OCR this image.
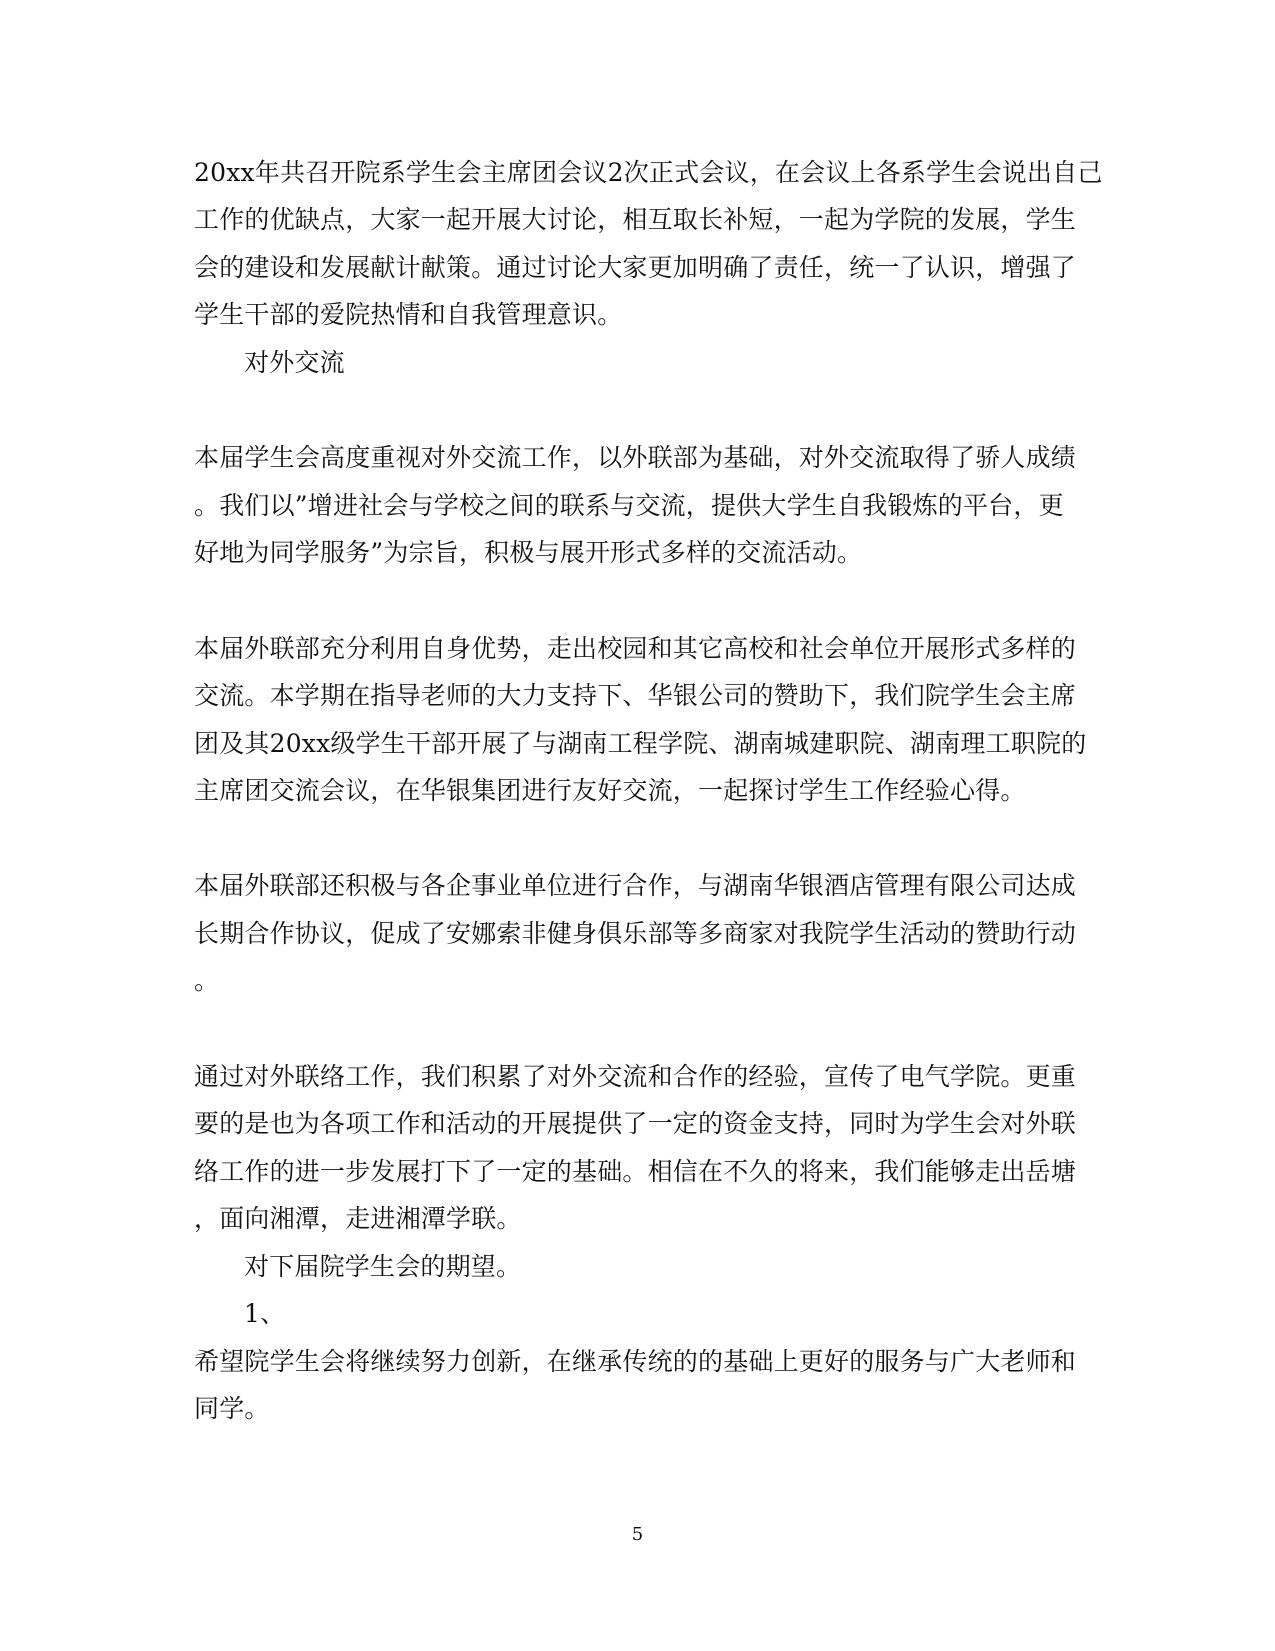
20xx年共召开院系学生会主席团会议2次正式会议，在会议上各系学生会说出自己
工作的优缺点，大家一起开展大讨论，相互取长补短，一起为学院的发展，学生
会的建设和发展献计献策。通过讨论大家更加明确了责任，统一了认识，增强了
学生干部的爱院热情和自我管理意识。
对外交流
本届学生会高度重视对外交流工作，以外联部为基础，对外交流取得了骄人成绩
。我们以”增进社会与学校之间的联系与交流，提供大学生自我锻炼的平台，更
好地为同学服务”为宗旨，积极与展开形式多样的交流活动。
本届外联部充分利用自身优势，走出校园和其它高校和社会单位开展形式多样的
交流。本学期在指导老师的大力支持下、华银公司的赞助下，我们院学生会主席
团及其20xx级学生干部开展了与湖南工程学院、湖南城建职院、湖南理工职院的
主席团交流会议，在华银集团进行友好交流，一起探讨学生工作经验心得。
本届外联部还积极与各企事业单位进行合作，与湖南华银酒店管理有限公司达成
长期合作协议，促成了安娜索非健身俱乐部等多商家对我院学生活动的赞助行动
。
通过对外联络工作，我们积累了对外交流和合作的经验，宣传了电气学院。更重
要的是也为各项工作和活动的开展提供了一定的资金支持，同时为学生会对外联
络工作的进一步发展打下了一定的基础。相信在不久的将来，我们能够走出岳塘
，面向湘潭，走进湘潭学联。
对下届院学生会的期望。
1、
希望院学生会将继续努力创新，在继承传统的的基础上更好的服务与广大老师和
同学。
5
